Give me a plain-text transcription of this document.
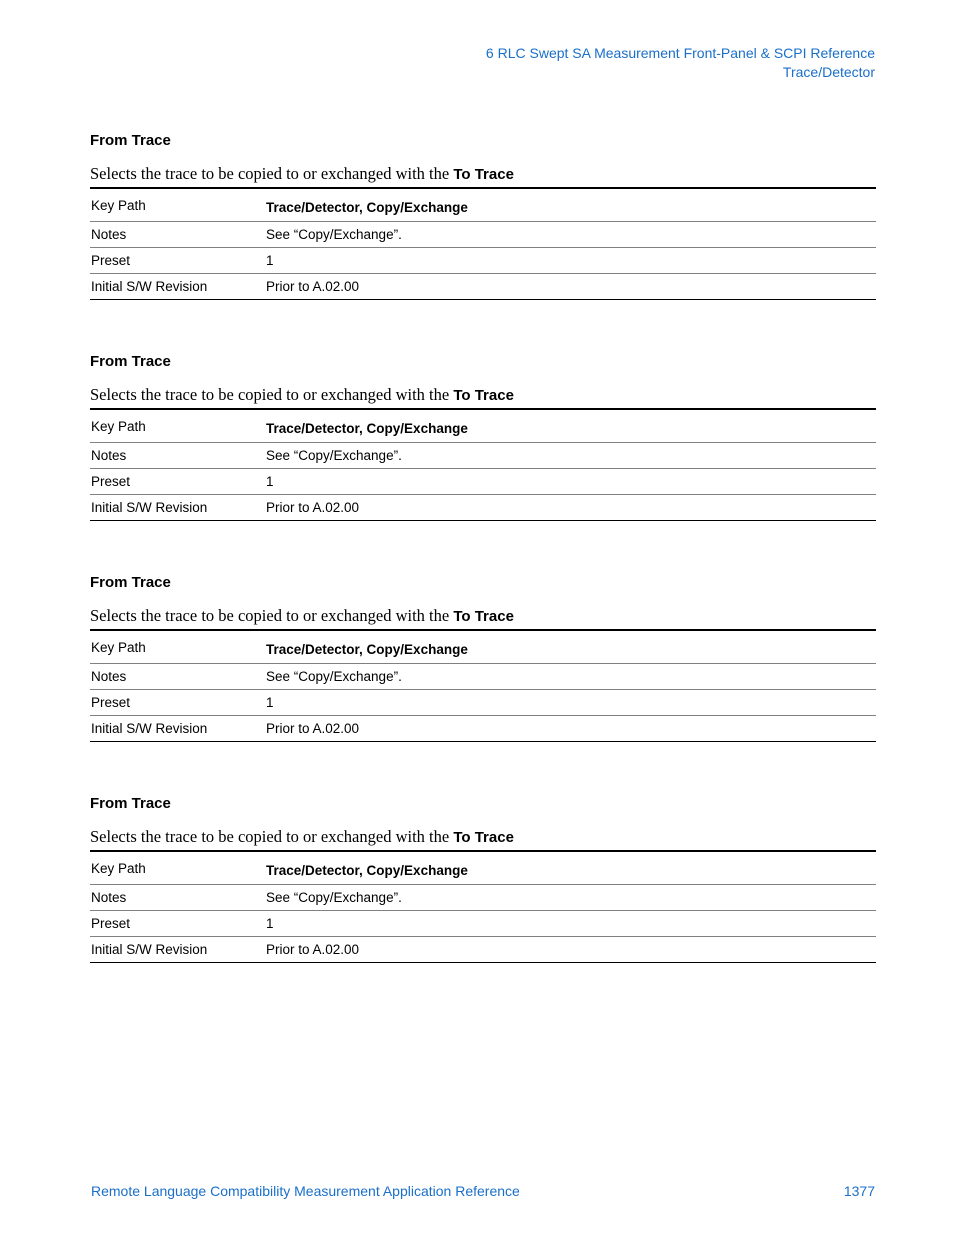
6 RLC Swept SA Measurement Front-Panel & SCPI Reference
Trace/Detector
From Trace
Selects the trace to be copied to or exchanged with the To Trace
Key Path	Trace/Detector, Copy/Exchange
Notes	See “Copy/Exchange”.
Preset	1
Initial S/W Revision	Prior to A.02.00
From Trace
Selects the trace to be copied to or exchanged with the To Trace
Key Path	Trace/Detector, Copy/Exchange
Notes	See “Copy/Exchange”.
Preset	1
Initial S/W Revision	Prior to A.02.00
From Trace
Selects the trace to be copied to or exchanged with the To Trace
Key Path	Trace/Detector, Copy/Exchange
Notes	See “Copy/Exchange”.
Preset	1
Initial S/W Revision	Prior to A.02.00
From Trace
Selects the trace to be copied to or exchanged with the To Trace
Key Path	Trace/Detector, Copy/Exchange
Notes	See “Copy/Exchange”.
Preset	1
Initial S/W Revision	Prior to A.02.00
Remote Language Compatibility Measurement Application Reference	1377
